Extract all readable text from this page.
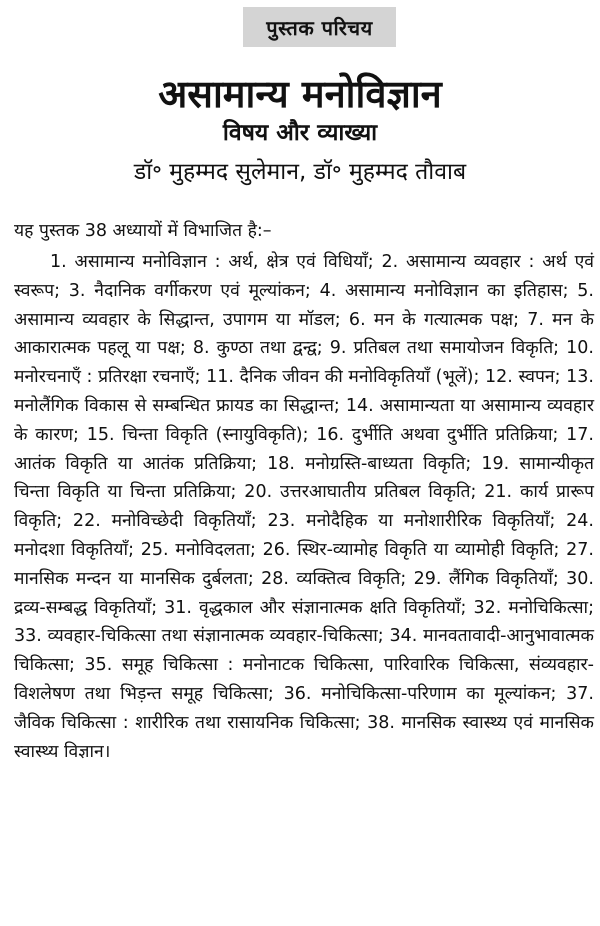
पुस्तक परिचय
असामान्य मनोविज्ञान
विषय और व्याख्या
डॉ॰ मुहम्मद सुलेमान, डॉ॰ मुहम्मद तौवाब
यह पुस्तक 38 अध्यायों में विभाजित है:–
1. असामान्य मनोविज्ञान : अर्थ, क्षेत्र एवं विधियाँ; 2. असामान्य व्यवहार : अर्थ एवं स्वरूप; 3. नैदानिक वर्गीकरण एवं मूल्यांकन; 4. असामान्य मनोविज्ञान का इतिहास; 5. असामान्य व्यवहार के सिद्धान्त, उपागम या मॉडल; 6. मन के गत्यात्मक पक्ष; 7. मन के आकारात्मक पहलू या पक्ष; 8. कुण्ठा तथा द्वन्द्व; 9. प्रतिबल तथा समायोजन विकृति; 10. मनोरचनाएँ : प्रतिरक्षा रचनाएँ; 11. दैनिक जीवन की मनोविकृतियाँ (भूलें); 12. स्वपन; 13. मनोलैंगिक विकास से सम्बन्धित फ्रायड का सिद्धान्त; 14. असामान्यता या असामान्य व्यवहार के कारण; 15. चिन्ता विकृति (स्नायुविकृति); 16. दुर्भीति अथवा दुर्भीति प्रतिक्रिया; 17. आतंक विकृति या आतंक प्रतिक्रिया; 18. मनोग्रस्ति-बाध्यता विकृति; 19. सामान्यीकृत चिन्ता विकृति या चिन्ता प्रतिक्रिया; 20. उत्तरआघातीय प्रतिबल विकृति; 21. कार्य प्रारूप विकृति; 22. मनोविच्छेदी विकृतियाँ; 23. मनोदैहिक या मनोशारीरिक विकृतियाँ; 24. मनोदशा विकृतियाँ; 25. मनोविदलता; 26. स्थिर-व्यामोह विकृति या व्यामोही विकृति; 27. मानसिक मन्दन या मानसिक दुर्बलता; 28. व्यक्तित्व विकृति; 29. लैंगिक विकृतियाँ; 30. द्रव्य-सम्बद्ध विकृतियाँ; 31. वृद्धकाल और संज्ञानात्मक क्षति विकृतियाँ; 32. मनोचिकित्सा; 33. व्यवहार-चिकित्सा तथा संज्ञानात्मक व्यवहार-चिकित्सा; 34. मानवतावादी-आनुभावात्मक चिकित्सा; 35. समूह चिकित्सा : मनोनाटक चिकित्सा, पारिवारिक चिकित्सा, संव्यवहार-विशलेषण तथा भिड़न्त समूह चिकित्सा; 36. मनोचिकित्सा-परिणाम का मूल्यांकन; 37. जैविक चिकित्सा : शारीरिक तथा रासायनिक चिकित्सा; 38. मानसिक स्वास्थ्य एवं मानसिक स्वास्थ्य विज्ञान।
